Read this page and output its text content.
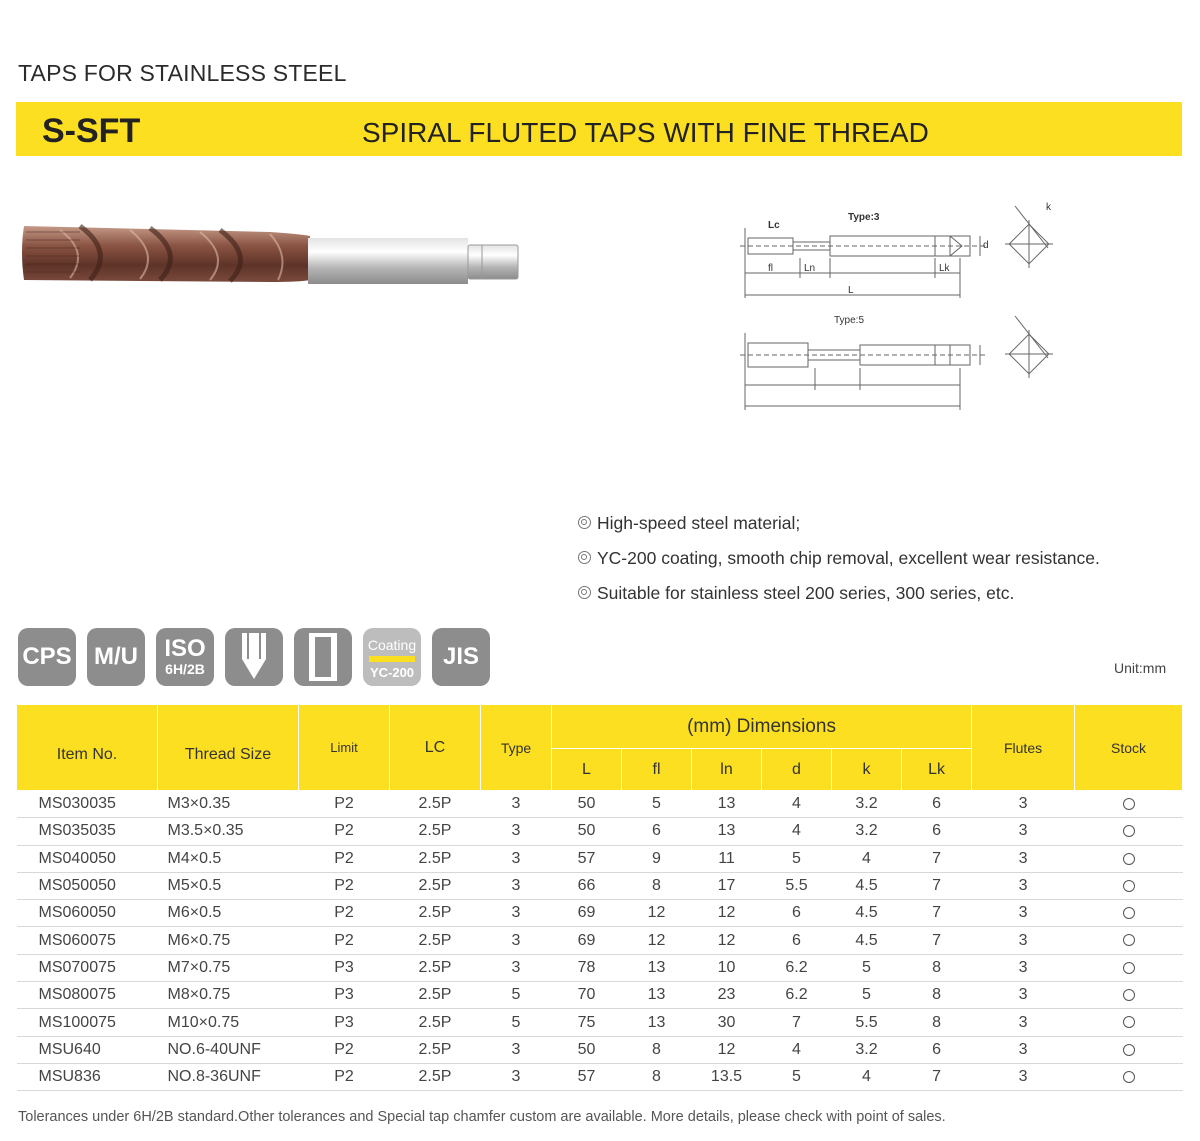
TAPS FOR STAINLESS STEEL
S-SFT	SPIRAL FLUTED TAPS WITH FINE THREAD
Type:3
Type:5
Lc
fl	Ln
L
Lk
d
k
High-speed steel material;
YC-200 coating, smooth chip removal, excellent wear resistance.
Suitable for stainless steel 200 series, 300 series, etc.
CPS M/U ISO
6H/2B
Coating
YC-200
JIS	Unit:mm
Item No.	Thread Size	Limit	LC	Type	(mm) Dimensions						Flutes	Stock
					L	fl	ln	d	k	Lk		
MS030035	M3×0.35	P2	2.5P	3	50	5	13	4	3.2	6	3	
MS035035	M3.5×0.35	P2	2.5P	3	50	6	13	4	3.2	6	3	
MS040050	M4×0.5	P2	2.5P	3	57	9	11	5	4	7	3	
MS050050	M5×0.5	P2	2.5P	3	66	8	17	5.5	4.5	7	3	
MS060050	M6×0.5	P2	2.5P	3	69	12	12	6	4.5	7	3	
MS060075	M6×0.75	P2	2.5P	3	69	12	12	6	4.5	7	3	
MS070075	M7×0.75	P3	2.5P	3	78	13	10	6.2	5	8	3	
MS080075	M8×0.75	P3	2.5P	5	70	13	23	6.2	5	8	3	
MS100075	M10×0.75	P3	2.5P	5	75	13	30	7	5.5	8	3	
MSU640	NO.6-40UNF	P2	2.5P	3	50	8	12	4	3.2	6	3	
MSU836	NO.8-36UNF	P2	2.5P	3	57	8	13.5	5	4	7	3	
Tolerances under 6H/2B standard.Other tolerances and Special tap chamfer custom are available. More details, please check with point of sales.
